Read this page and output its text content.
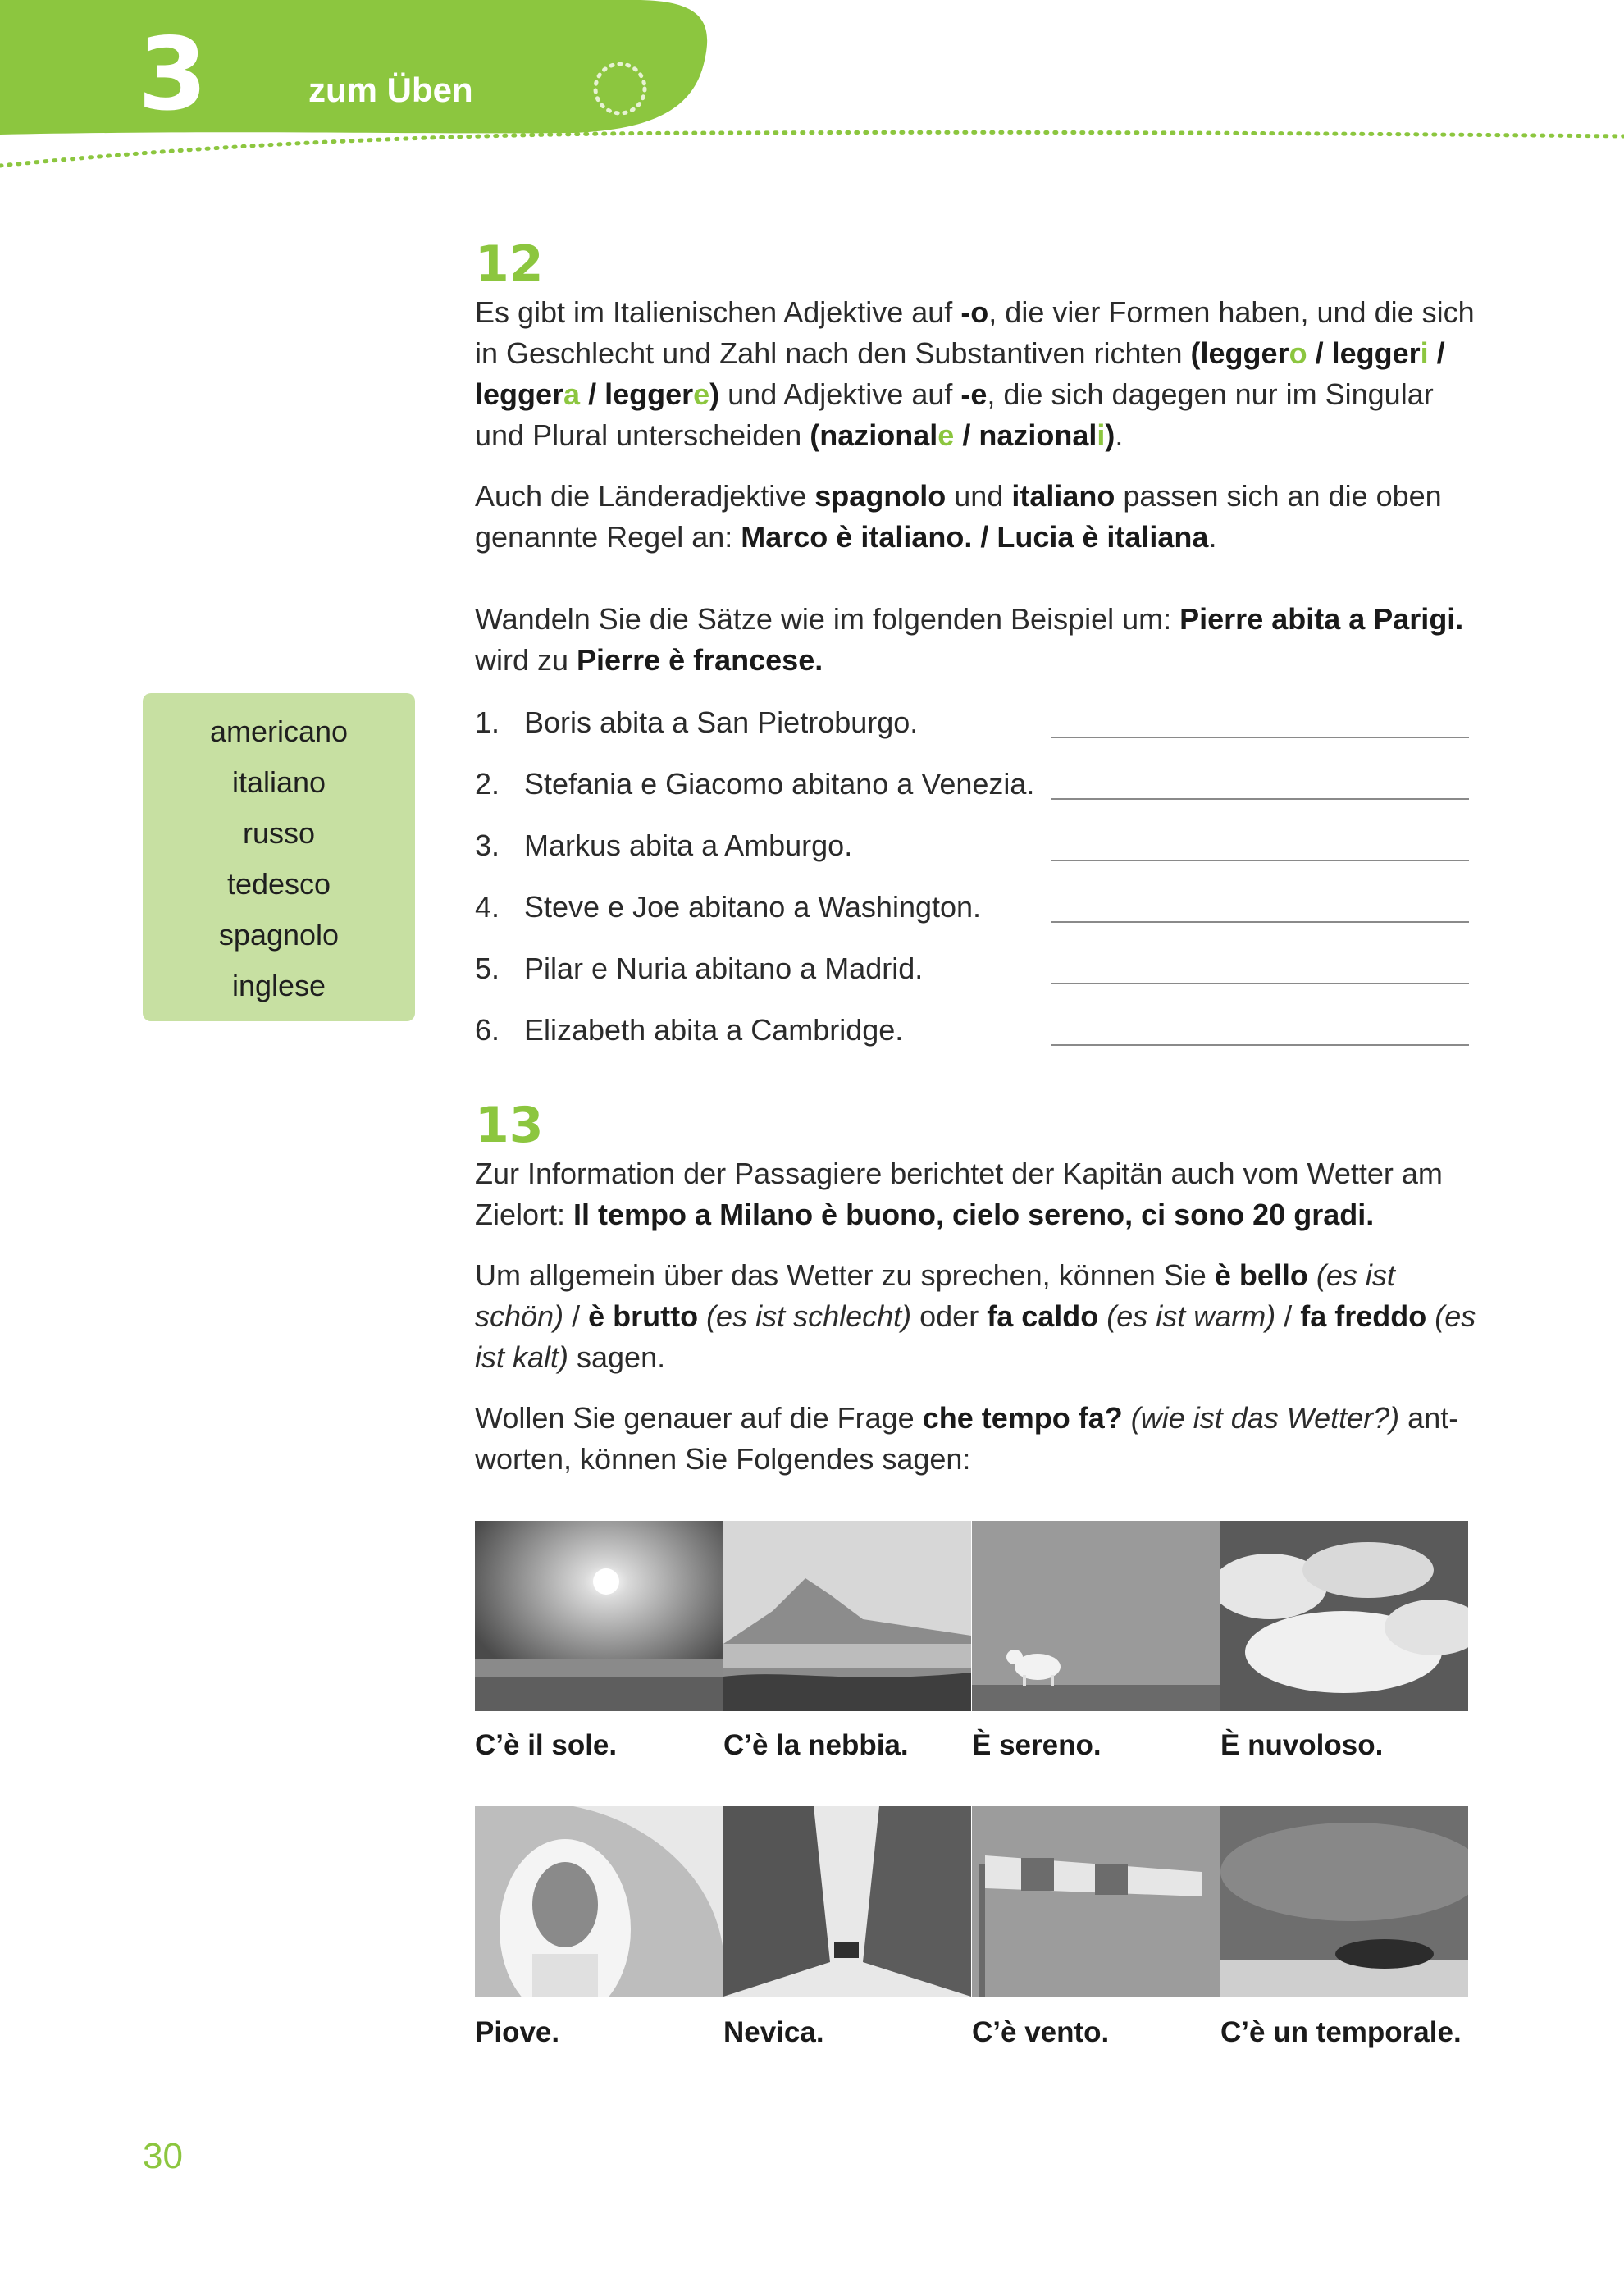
3	zum Üben
12

Es gibt im Italienischen Adjektive auf -o, die vier Formen haben, und die sich in Geschlecht und Zahl nach den Substantiven richten (leggero / leggeri / leggera / leggere) und Adjektive auf -e, die sich dagegen nur im Singular und Plural unterscheiden (nazionale / nazionali).

Auch die Länderadjektive spagnolo und italiano passen sich an die oben genannte Regel an: Marco è italiano. / Lucia è italiana.

Wandeln Sie die Sätze wie im folgenden Beispiel um: Pierre abita a Parigi. wird zu Pierre è francese.

americano
italiano
russo
tedesco
spagnolo
inglese
1. Boris abita a San Pietroburgo.
2. Stefania e Giacomo abitano a Venezia.
3. Markus abita a Amburgo.
4. Steve e Joe abitano a Washington.
5. Pilar e Nuria abitano a Madrid.
6. Elizabeth abita a Cambridge.
13

Zur Information der Passagiere berichtet der Kapitän auch vom Wetter am Zielort: Il tempo a Milano è buono, cielo sereno, ci sono 20 gradi.

Um allgemein über das Wetter zu sprechen, können Sie è bello (es ist schön) / è brutto (es ist schlecht) oder fa caldo (es ist warm) / fa freddo (es ist kalt) sagen.

Wollen Sie genauer auf die Frage che tempo fa? (wie ist das Wetter?) antworten, können Sie Folgendes sagen:

C’è il sole.	C’è la nebbia. È sereno.	È nuvoloso.
Piove.	Nevica.	C’è vento.	C’è un temporale.
30
